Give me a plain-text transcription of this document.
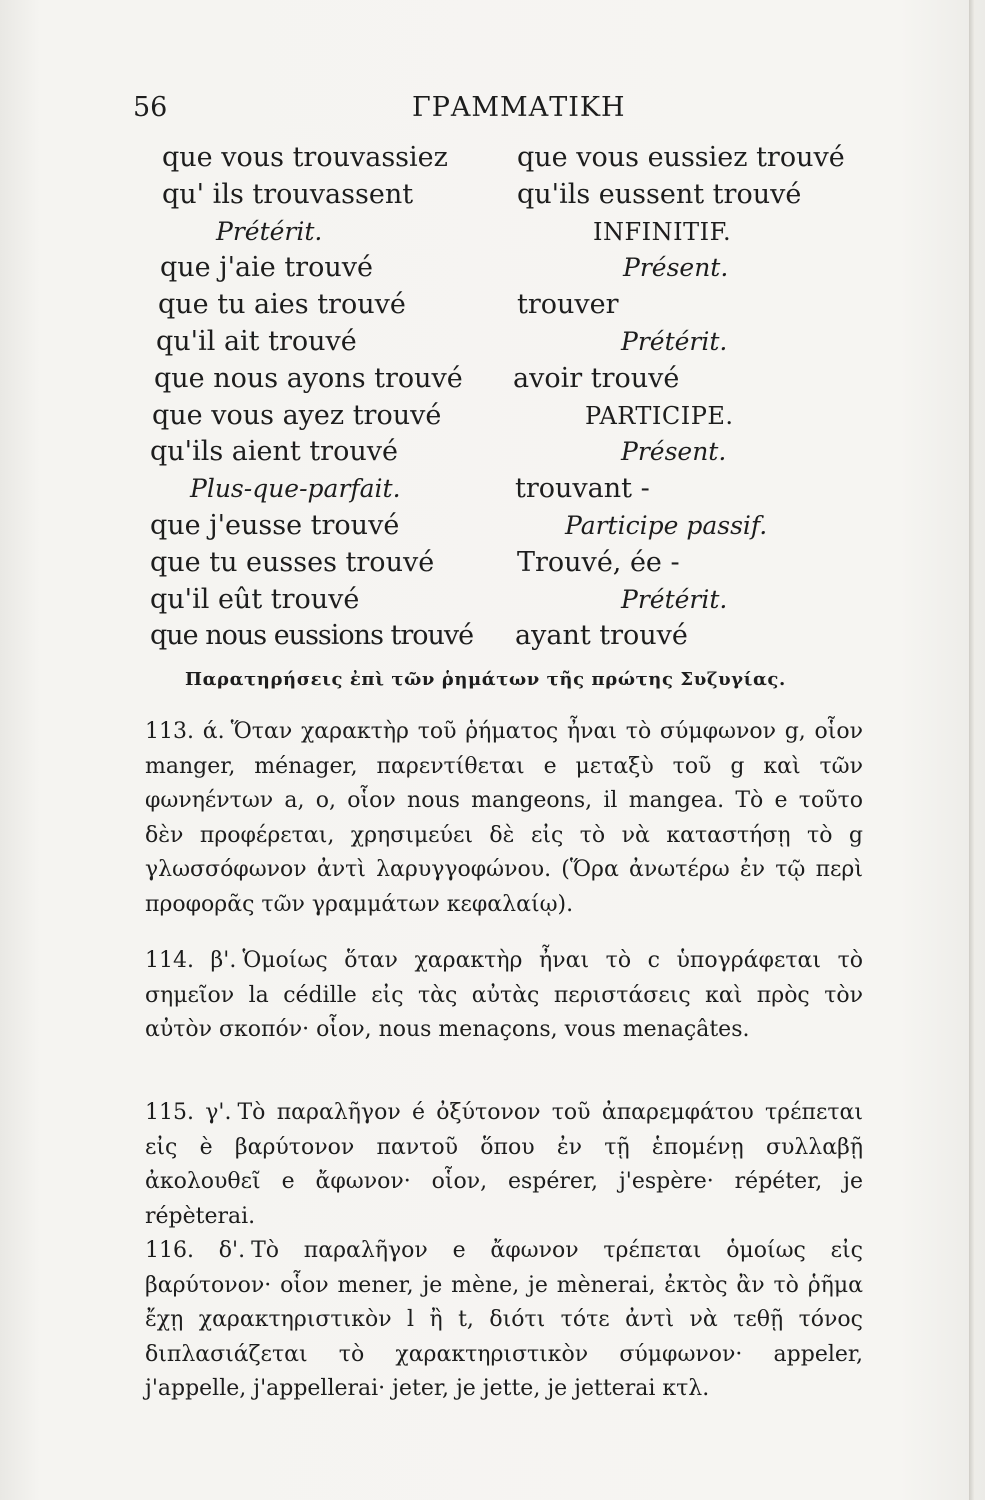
56	ΓΡΑΜΜΑΤΙΚΗ
que vous trouvassiez
qu' ils trouvassent
Prétérit.
que j'aie trouvé
que tu aies trouvé
qu'il ait trouvé
que nous ayons trouvé
que vous ayez trouvé
qu'ils aient trouvé
Plus-que-parfait.
que j'eusse trouvé
que tu eusses trouvé
qu'il eût trouvé
que nous eussions trouvé
que vous eussiez trouvé
qu'ils eussent trouvé
INFINITIF.
Présent.
trouver
Prétérit.
avoir trouvé
PARTICIPE.
Présent.
trouvant -
Participe passif.
Trouvé, ée -
Prétérit.
ayant trouvé
Παρατηρήσεις ἐπὶ τῶν ῥημάτων τῆς πρώτης Συζυγίας.
113. ά. Ὅταν χαρακτὴρ τοῦ ῥήματος ἦναι τὸ σύμφωνον g, οἷον manger, ménager, παρεντίθεται e μεταξὺ τοῦ g καὶ τῶν φωνηέντων a, o, οἷον nous mangeons, il mangea. Τὸ e τοῦτο δὲν προφέρεται, χρησιμεύει δὲ εἰς τὸ νὰ καταστήσῃ τὸ g γλωσσόφωνον ἀντὶ λαρυγγοφώνου. (Ὅρα ἀνωτέρω ἐν τῷ περὶ προφορᾶς τῶν γραμμάτων κεφαλαίῳ).
114. β'. Ὁμοίως ὅταν χαρακτὴρ ἦναι τὸ c ὑπογράφεται τὸ σημεῖον la cédille εἰς τὰς αὐτὰς περιστάσεις καὶ πρὸς τὸν αὐτὸν σκοπόν· οἷον, nous menaçons, vous menaçâtes.
115. γ'. Τὸ παραλῆγον é ὀξύτονον τοῦ ἀπαρεμφάτου τρέπεται εἰς è βαρύτονον παντοῦ ὅπου ἐν τῇ ἑπομένῃ συλλαβῇ ἀκολουθεῖ e ἄφωνον· οἷον, espérer, j'espère· répéter, je répèterai.
116. δ'. Τὸ παραλῆγον e ἄφωνον τρέπεται ὁμοίως εἰς βαρύτονον· οἷον mener, je mène, je mènerai, ἐκτὸς ἂν τὸ ῥῆμα ἔχῃ χαρακτηριστικὸν l ἢ t, διότι τότε ἀντὶ νὰ τεθῇ τόνος διπλασιάζεται τὸ χαρακτηριστικὸν σύμφωνον· appeler, j'appelle, j'appellerai· jeter, je jette, je jetterai κτλ.
